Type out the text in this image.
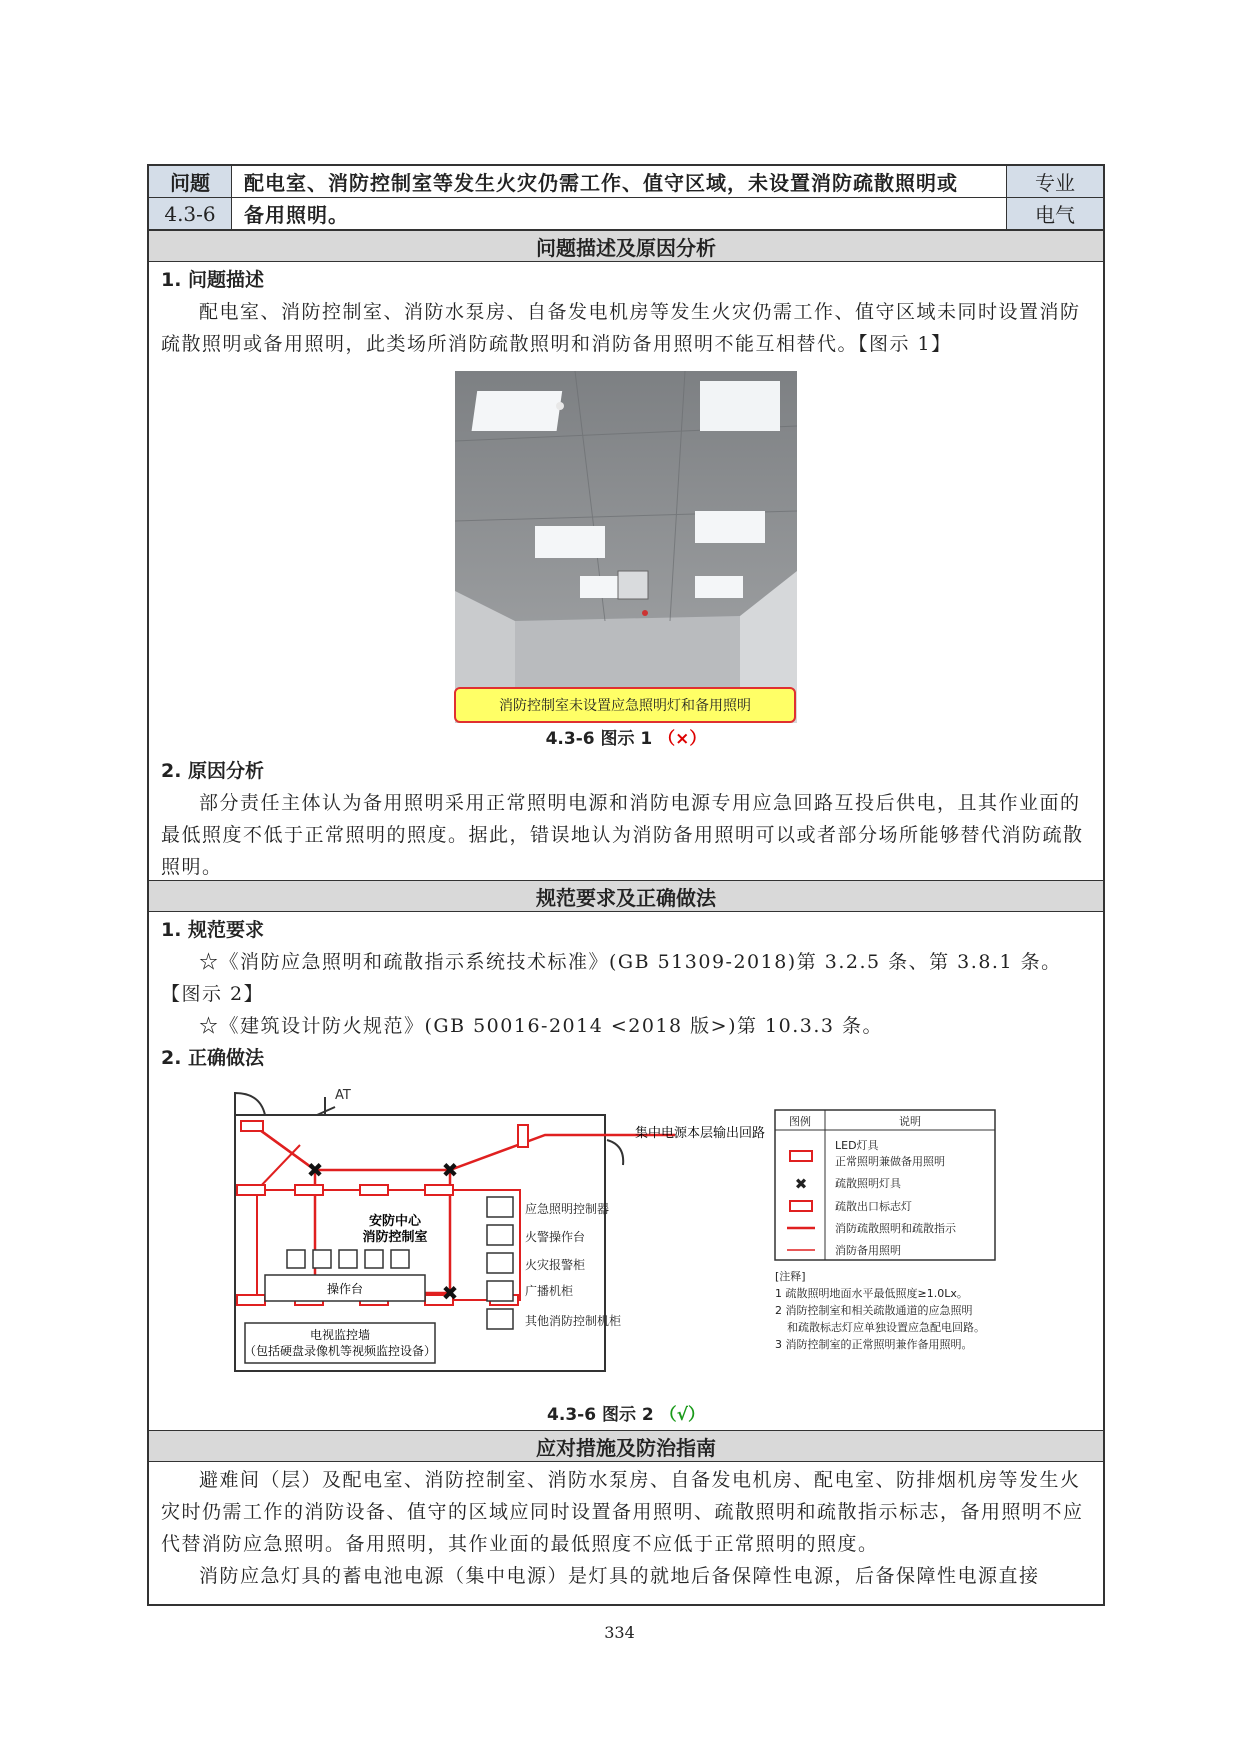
问题	配电室、消防控制室等发生火灾仍需工作、值守区域，未设置消防疏散照明或	专业
4.3-6	备用照明。	电气
问题描述及原因分析
1. 问题描述
配电室、消防控制室、消防水泵房、自备发电机房等发生火灾仍需工作、值守区域未同时设置消防疏散照明或备用照明，此类场所消防疏散照明和消防备用照明不能互相替代。【图示 1】
4.3-6 图示 1 （×）
2. 原因分析
部分责任主体认为备用照明采用正常照明电源和消防电源专用应急回路互投后供电，且其作业面的最低照度不低于正常照明的照度。据此，错误地认为消防备用照明可以或者部分场所能够替代消防疏散照明。
规范要求及正确做法
1. 规范要求
☆《消防应急照明和疏散指示系统技术标准》(GB 51309-2018)第 3.2.5 条、第 3.8.1 条。【图示 2】
☆《建筑设计防火规范》(GB 50016-2014 <2018 版>)第 10.3.3 条。
2. 正确做法
4.3-6 图示 2 （√）
应对措施及防治指南
避难间（层）及配电室、消防控制室、消防水泵房、自备发电机房、配电室、防排烟机房等发生火灾时仍需工作的消防设备、值守的区域应同时设置备用照明、疏散照明和疏散指示标志，备用照明不应代替消防应急照明。备用照明，其作业面的最低照度不应低于正常照明的照度。
消防应急灯具的蓄电池电源（集中电源）是灯具的就地后备保障性电源，后备保障性电源直接
消防控制室未设置应急照明灯和备用照明
AT
✖	✖
✖
安防中心
消防控制室
操作台
应急照明控制器
火警操作台
火灾报警柜
广播机柜
其他消防控制机柜
电视监控墙
（包括硬盘录像机等视频监控设备）
集中电源本层输出回路
图例	说明
LED灯具
正常照明兼做备用照明
✖	疏散照明灯具
疏散出口标志灯
消防疏散照明和疏散指示
消防备用照明
[注释]
1 疏散照明地面水平最低照度≥1.0Lx。
2 消防控制室和相关疏散通道的应急照明
和疏散标志灯应单独设置应急配电回路。
3 消防控制室的正常照明兼作备用照明。
334
